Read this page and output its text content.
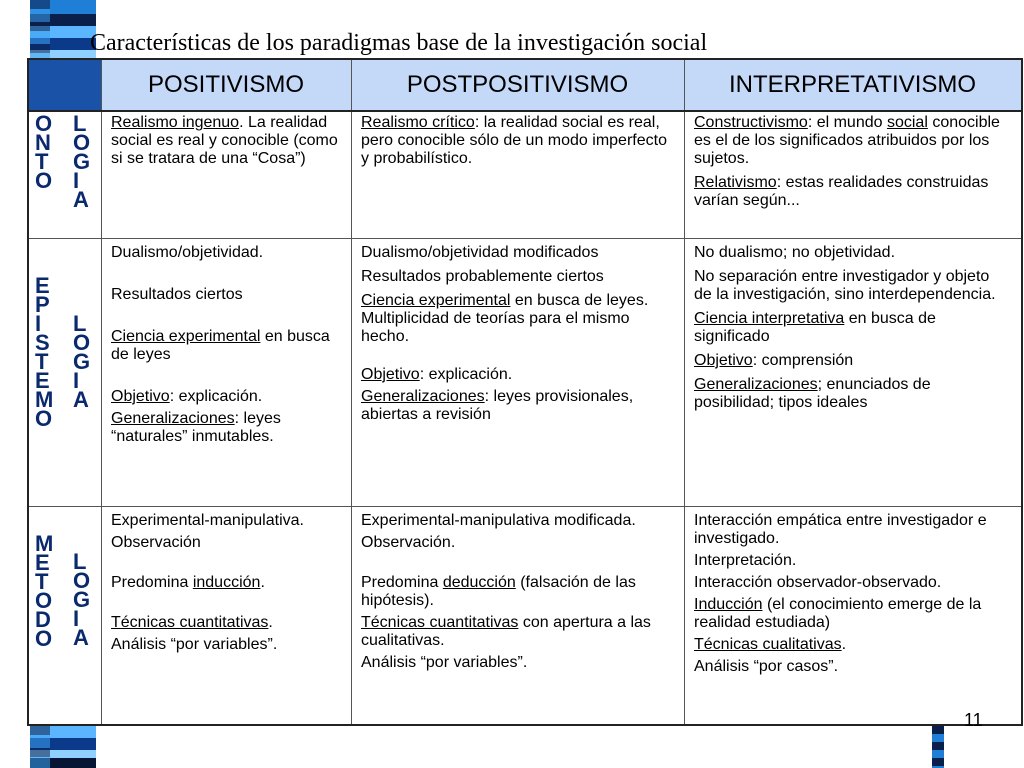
Características de los paradigmas base de la investigación social
POSITIVISMO	POSTPOSITIVISMO	INTERPRETATIVISMO
ONTO
LOGIA
EPISTEMO
LOGIA
METODO
LOGIA

Realismo ingenuo. La realidad social es real y conocible (como si se tratara de una “Cosa”)

Realismo crítico: la realidad social es real, pero conocible sólo de un modo imperfecto y probabilístico.

Constructivismo: el mundo social conocible es el de los significados atribuidos por los sujetos.

Relativismo: estas realidades construidas varían según...

Dualismo/objetividad.

Resultados ciertos

Ciencia experimental en busca de leyes

Objetivo: explicación.

Generalizaciones: leyes “naturales” inmutables.

Dualismo/objetividad modificados

Resultados probablemente ciertos

Ciencia experimental en busca de leyes. Multiplicidad de teorías para el mismo hecho.

Objetivo: explicación.

Generalizaciones: leyes provisionales, abiertas a revisión

No dualismo; no objetividad.

No separación entre investigador y objeto de la investigación, sino interdependencia.

Ciencia interpretativa en busca de significado

Objetivo: comprensión

Generalizaciones; enunciados de posibilidad; tipos ideales

Experimental-manipulativa.

Observación

Predomina inducción.

Técnicas cuantitativas.

Análisis “por variables”.

Experimental-manipulativa modificada.

Observación.

Predomina deducción (falsación de las hipótesis).

Técnicas cuantitativas con apertura a las cualitativas.

Análisis “por variables”.

Interacción empática entre investigador e investigado.

Interpretación.

Interacción observador-observado.

Inducción (el conocimiento emerge de la realidad estudiada)

Técnicas cualitativas.

Análisis “por casos”.

11
